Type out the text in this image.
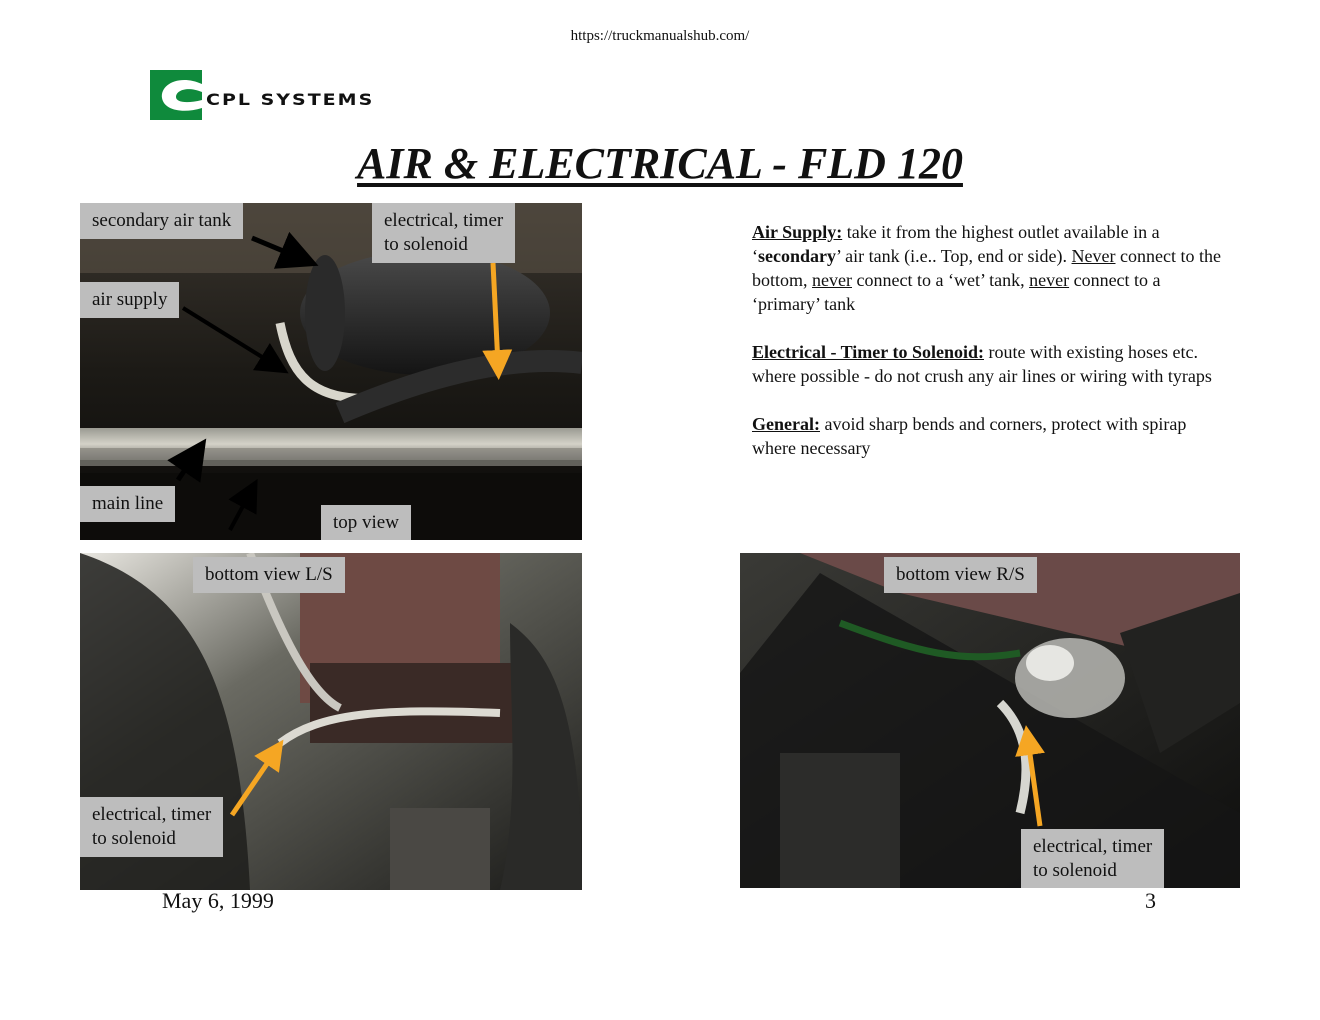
https://truckmanualshub.com/
CPL SYSTEMS
AIR & ELECTRICAL - FLD 120
secondary air tank	electrical, timer
to solenoid
air supply
main line
top view
bottom view L/S
electrical, timer
to solenoid
bottom view R/S
electrical, timer
to solenoid

Air Supply: take it from the highest outlet available in a ‘secondary’ air tank (i.e.. Top, end or side). Never connect to the bottom, never connect to a ‘wet’ tank, never connect to a ‘primary’ tank

Electrical - Timer to Solenoid: route with existing hoses etc. where possible - do not crush any air lines or wiring with tyraps

General: avoid sharp bends and corners, protect with spirap where necessary

May 6, 1999	3
